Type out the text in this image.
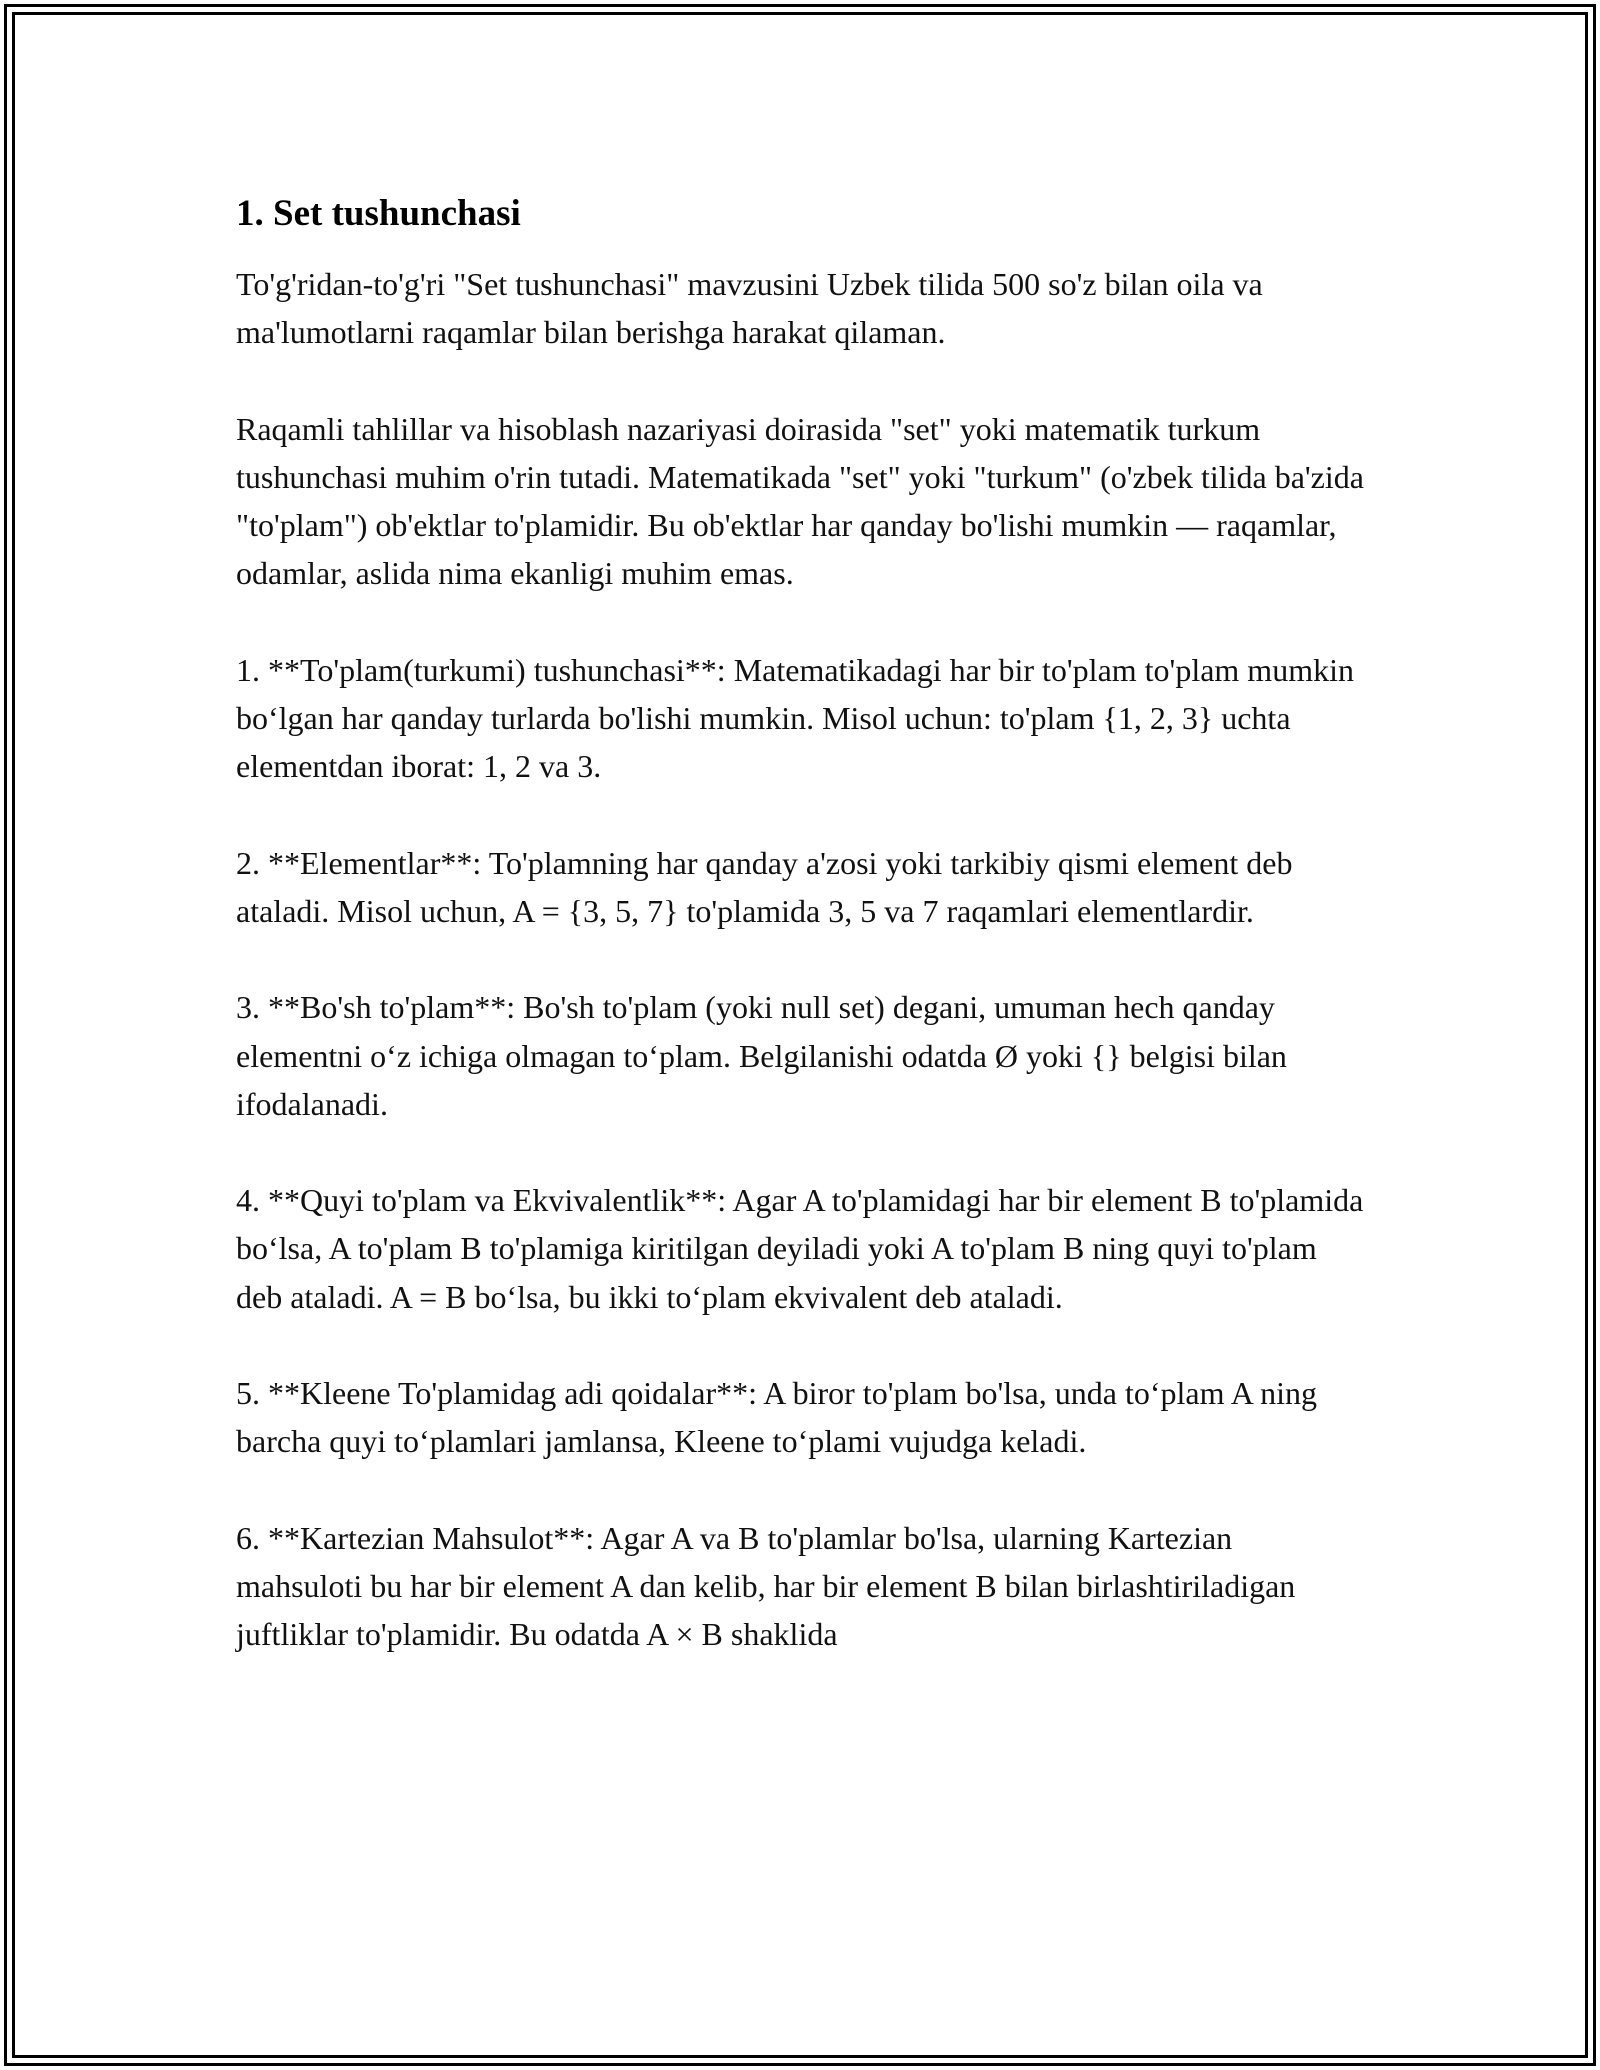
1. Set tushunchasi

To'g'ridan-to'g'ri "Set tushunchasi" mavzusini Uzbek tilida 500 so'z bilan oila va ma'lumotlarni raqamlar bilan berishga harakat qilaman.

Raqamli tahlillar va hisoblash nazariyasi doirasida "set" yoki matematik turkum tushunchasi muhim o'rin tutadi. Matematikada "set" yoki "turkum" (o'zbek tilida ba'zida "to'plam") ob'ektlar to'plamidir. Bu ob'ektlar har qanday bo'lishi mumkin — raqamlar, odamlar, aslida nima ekanligi muhim emas.

1. **To'plam(turkumi) tushunchasi**: Matematikadagi har bir to'plam to'plam mumkin bo‘lgan har qanday turlarda bo'lishi mumkin. Misol uchun: to'plam {1, 2, 3} uchta elementdan iborat: 1, 2 va 3.

2. **Elementlar**: To'plamning har qanday a'zosi yoki tarkibiy qismi element deb ataladi. Misol uchun, A = {3, 5, 7} to'plamida 3, 5 va 7 raqamlari elementlardir.

3. **Bo'sh to'plam**: Bo'sh to'plam (yoki null set) degani, umuman hech qanday elementni o‘z ichiga olmagan to‘plam. Belgilanishi odatda Ø yoki {} belgisi bilan ifodalanadi.

4. **Quyi to'plam va Ekvivalentlik**: Agar A to'plamidagi har bir element B to'plamida bo‘lsa, A to'plam B to'plamiga kiritilgan deyiladi yoki A to'plam B ning quyi to'plam deb ataladi. A = B bo‘lsa, bu ikki to‘plam ekvivalent deb ataladi.

5. **Kleene To'plamidag adi qoidalar**: A biror to'plam bo'lsa, unda to‘plam A ning barcha quyi to‘plamlari jamlansa, Kleene to‘plami vujudga keladi.

6. **Kartezian Mahsulot**: Agar A va B to'plamlar bo'lsa, ularning Kartezian mahsuloti bu har bir element A dan kelib, har bir element B bilan birlashtiriladigan juftliklar to'plamidir. Bu odatda A × B shaklida
